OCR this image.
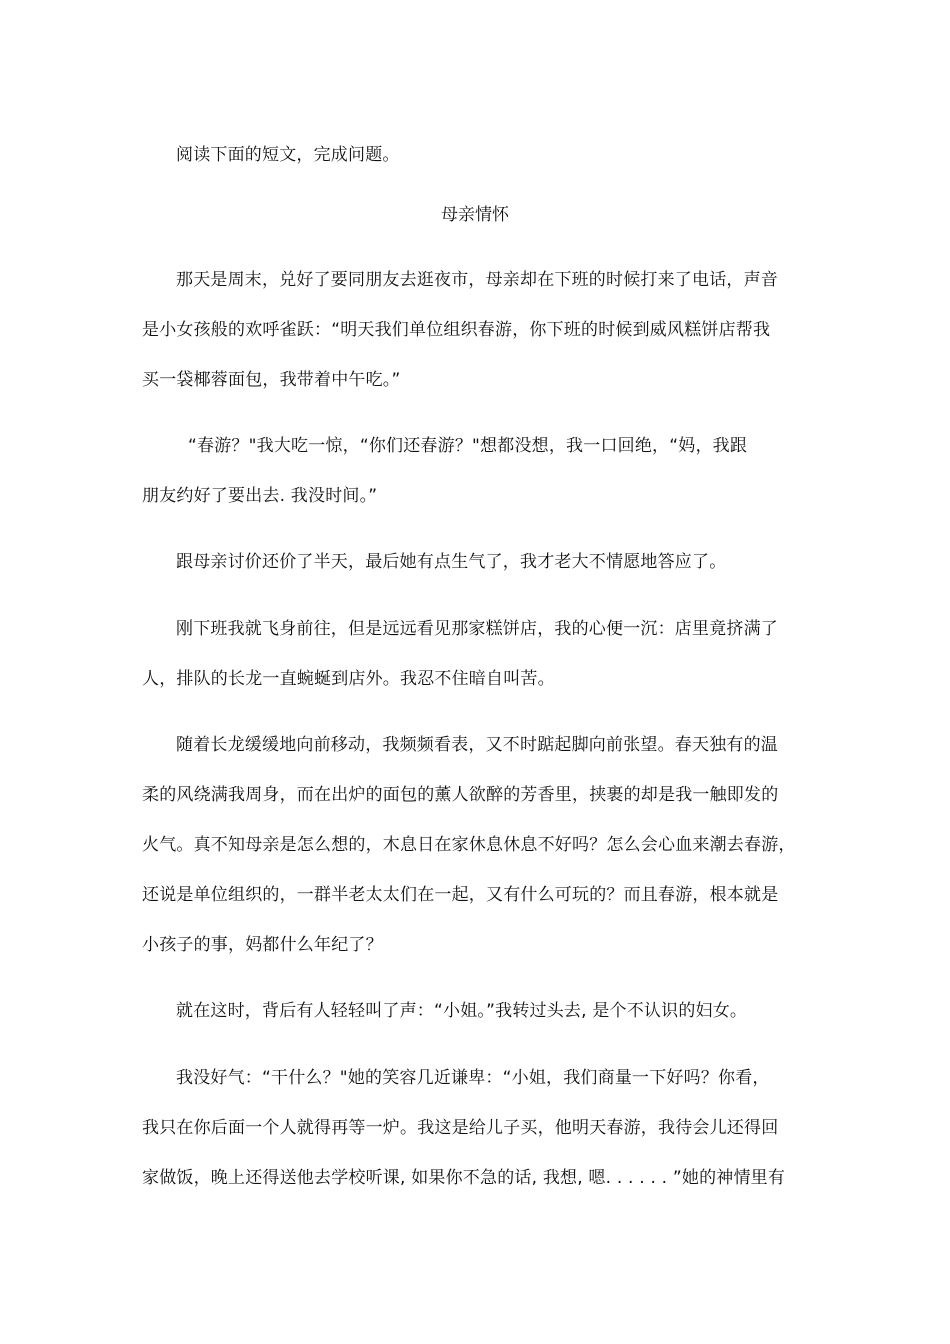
阅读下面的短文，完成问题。
母亲情怀
那天是周末，兑好了要同朋友去逛夜市，母亲却在下班的时候打来了电话，声音
是小女孩般的欢呼雀跃：“明天我们单位组织春游，你下班的时候到威风糕饼店帮我
买一袋椰蓉面包，我带着中午吃。”
“春游？"我大吃一惊，“你们还春游？"想都没想，我一口回绝，“妈，我跟
朋友约好了要出去. 我没时间。”
跟母亲讨价还价了半天，最后她有点生气了，我才老大不情愿地答应了。
刚下班我就飞身前往，但是远远看见那家糕饼店，我的心便一沉：店里竟挤满了
人，排队的长龙一直蜿蜒到店外。我忍不住暗自叫苦。
随着长龙缓缓地向前移动，我频频看表，又不时踮起脚向前张望。春天独有的温
柔的风绕满我周身，而在出炉的面包的薰人欲醉的芳香里，挟裹的却是我一触即发的
火气。真不知母亲是怎么想的，木息日在家休息休息不好吗？怎么会心血来潮去春游，
还说是单位组织的，一群半老太太们在一起，又有什么可玩的？而且春游，根本就是
小孩子的事，妈都什么年纪了？
就在这时，背后有人轻轻叫了声：“小姐。”我转过头去, 是个不认识的妇女。
我没好气：“干什么？"她的笑容几近谦卑：“小姐，我们商量一下好吗？你看，
我只在你后面一个人就得再等一炉。我这是给儿子买，他明天春游，我待会儿还得回
家做饭，晚上还得送他去学校听课, 如果你不急的话, 我想, 嗯. . . . . . ”她的神情里有
